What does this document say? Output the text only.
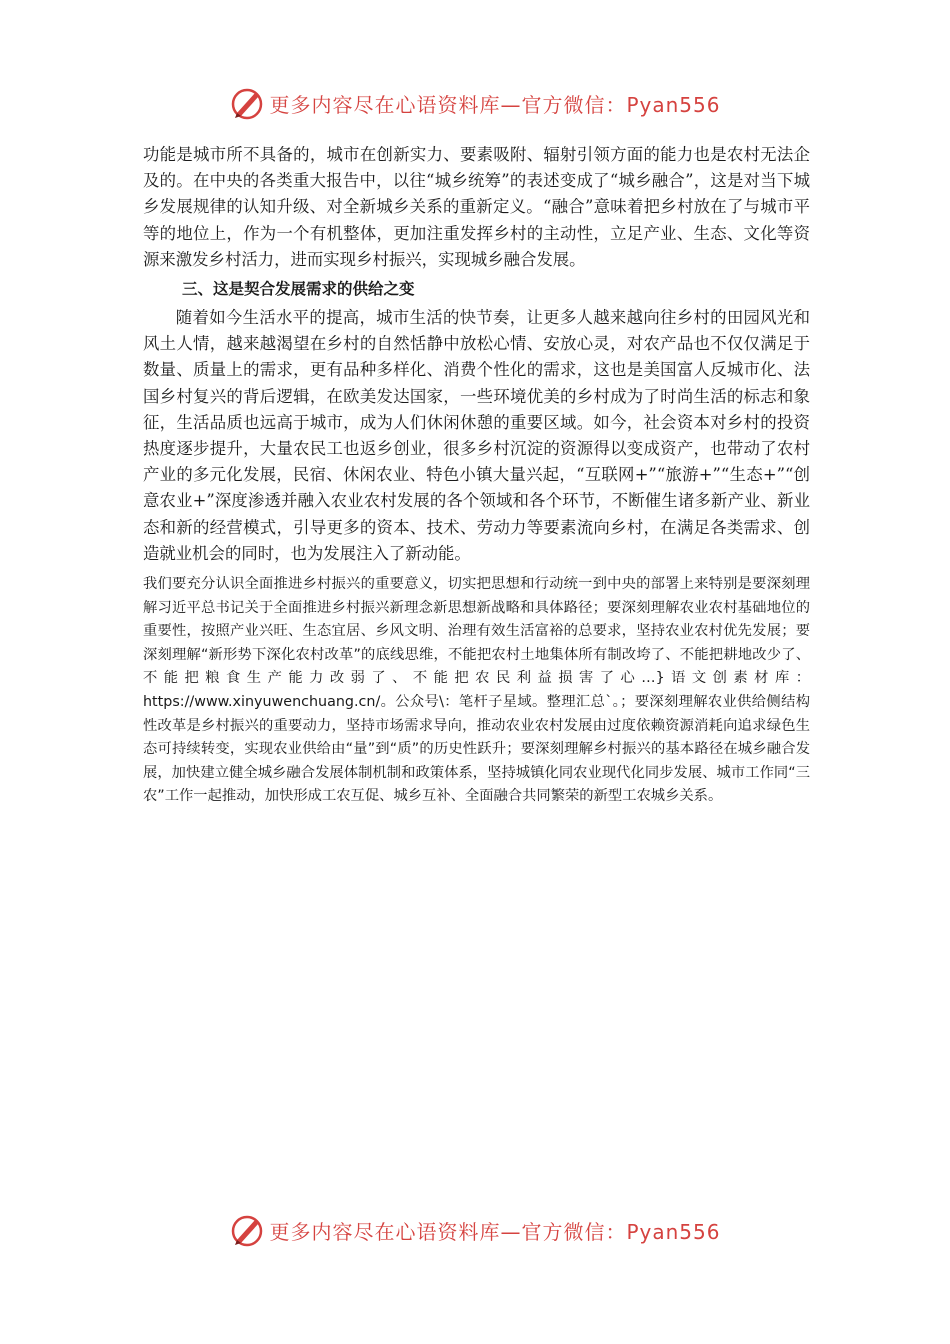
更多内容尽在心语资料库—官方微信：Pyan556

功能是城市所不具备的，城市在创新实力、要素吸附、辐射引领方面的能力也是农村无法企及的。在中央的各类重大报告中，以往“城乡统筹”的表述变成了“城乡融合”，这是对当下城乡发展规律的认知升级、对全新城乡关系的重新定义。“融合”意味着把乡村放在了与城市平等的地位上，作为一个有机整体，更加注重发挥乡村的主动性，立足产业、生态、文化等资源来激发乡村活力，进而实现乡村振兴，实现城乡融合发展。

三、这是契合发展需求的供给之变

随着如今生活水平的提高，城市生活的快节奏，让更多人越来越向往乡村的田园风光和风土人情，越来越渴望在乡村的自然恬静中放松心情、安放心灵，对农产品也不仅仅满足于数量、质量上的需求，更有品种多样化、消费个性化的需求，这也是美国富人反城市化、法国乡村复兴的背后逻辑，在欧美发达国家，一些环境优美的乡村成为了时尚生活的标志和象征，生活品质也远高于城市，成为人们休闲休憩的重要区域。如今，社会资本对乡村的投资热度逐步提升，大量农民工也返乡创业，很多乡村沉淀的资源得以变成资产，也带动了农村产业的多元化发展，民宿、休闲农业、特色小镇大量兴起，“互联网+”“旅游+”“生态+”“创意农业+”深度渗透并融入农业农村发展的各个领域和各个环节，不断催生诸多新产业、新业态和新的经营模式，引导更多的资本、技术、劳动力等要素流向乡村，在满足各类需求、创造就业机会的同时，也为发展注入了新动能。

我们要充分认识全面推进乡村振兴的重要意义，切实把思想和行动统一到中央的部署上来特别是要深刻理解习近平总书记关于全面推进乡村振兴新理念新思想新战略和具体路径；要深刻理解农业农村基础地位的重要性，按照产业兴旺、生态宜居、乡风文明、治理有效生活富裕的总要求，坚持农业农村优先发展；要深刻理解“新形势下深化农村改革”的底线思维，不能把农村土地集体所有制改垮了、不能把耕地改少了、不能把粮食生产能力改弱了、不能把农民利益损害了心…}语文创素材库：https://www.xinyuwenchuang.cn/。公众号\：笔杆子星域。整理汇总`。；要深刻理解农业供给侧结构性改革是乡村振兴的重要动力，坚持市场需求导向，推动农业农村发展由过度依赖资源消耗向追求绿色生态可持续转变，实现农业供给由“量”到“质”的历史性跃升；要深刻理解乡村振兴的基本路径在城乡融合发展，加快建立健全城乡融合发展体制机制和政策体系，坚持城镇化同农业现代化同步发展、城市工作同“三农”工作一起推动，加快形成工农互促、城乡互补、全面融合共同繁荣的新型工农城乡关系。

更多内容尽在心语资料库—官方微信：Pyan556
